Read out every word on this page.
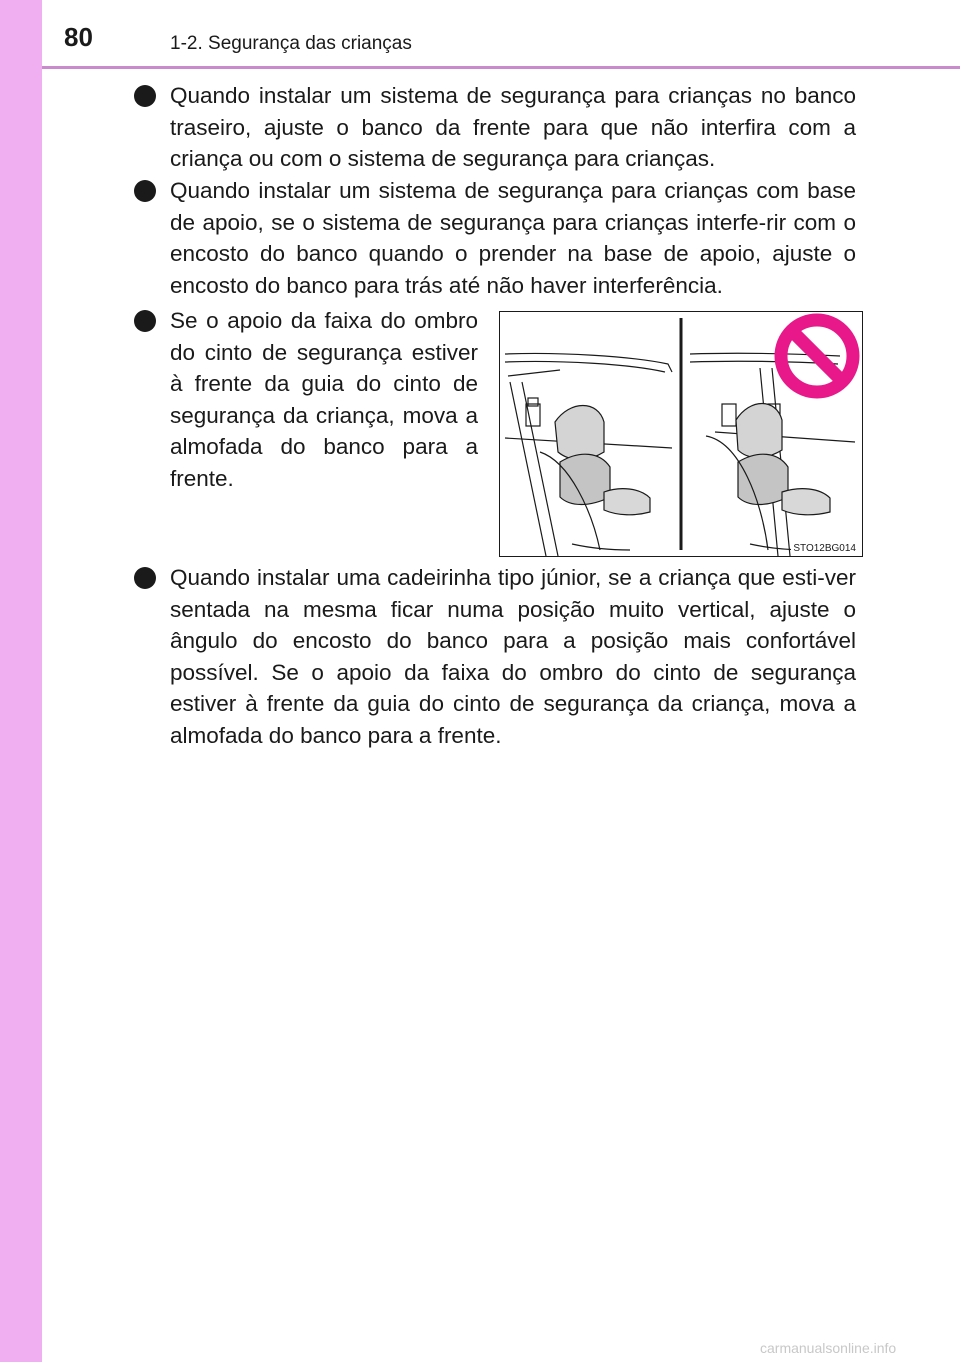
80	1-2. Segurança das crianças
Quando instalar um sistema de segurança para crianças no banco traseiro, ajuste o banco da frente para que não interfira com a criança ou com o sistema de segurança para crianças.
Quando instalar um sistema de segurança para crianças com base de apoio, se o sistema de segurança para crianças interfe-rir com o encosto do banco quando o prender na base de apoio, ajuste o encosto do banco para trás até não haver interferência.
Se o apoio da faixa do ombro do cinto de segurança estiver à frente da guia do cinto de segurança da criança, mova a almofada do banco para a frente.
STO12BG014
Quando instalar uma cadeirinha tipo júnior, se a criança que esti-ver sentada na mesma ficar numa posição muito vertical, ajuste o ângulo do encosto do banco para a posição mais confortável possível. Se o apoio da faixa do ombro do cinto de segurança estiver à frente da guia do cinto de segurança da criança, mova a almofada do banco para a frente.
carmanualsonline.info
